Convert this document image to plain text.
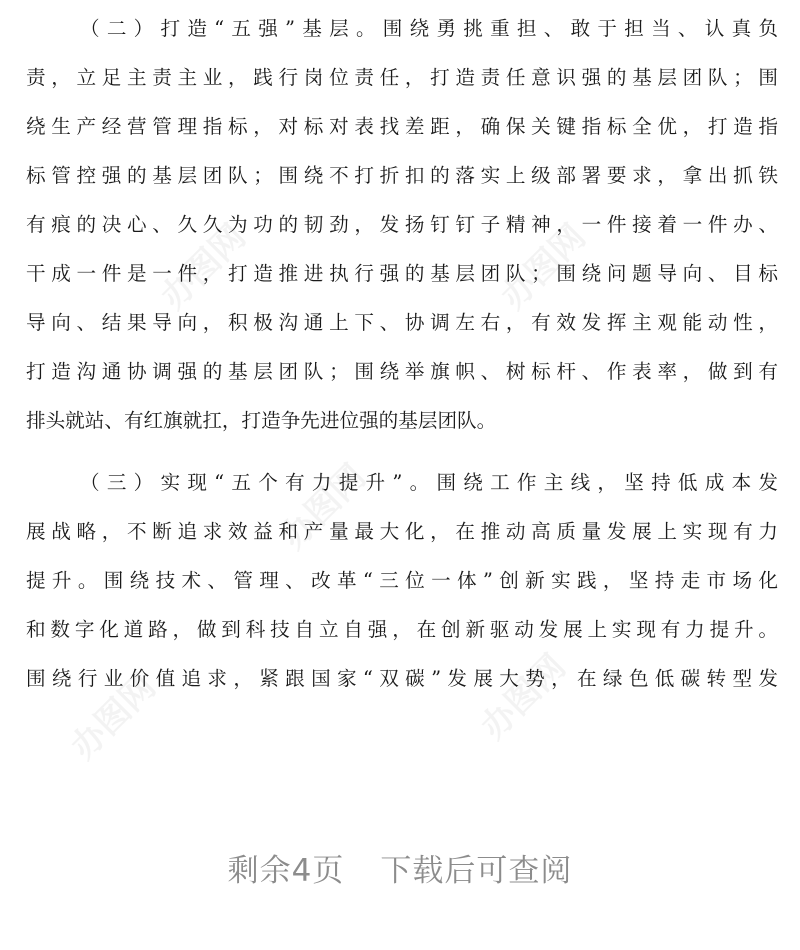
办图网	办图网
办图网
办图网	办图网
（二）打造“五强”基层。围绕勇挑重担、敢于担当、认真负
责，立足主责主业，践行岗位责任，打造责任意识强的基层团队；围
绕生产经营管理指标，对标对表找差距，确保关键指标全优，打造指
标管控强的基层团队；围绕不打折扣的落实上级部署要求，拿出抓铁
有痕的决心、久久为功的韧劲，发扬钉钉子精神，一件接着一件办、
干成一件是一件，打造推进执行强的基层团队；围绕问题导向、目标
导向、结果导向，积极沟通上下、协调左右，有效发挥主观能动性，
打造沟通协调强的基层团队；围绕举旗帜、树标杆、作表率，做到有
排头就站、有红旗就扛，打造争先进位强的基层团队。
（三）实现“五个有力提升”。围绕工作主线，坚持低成本发
展战略，不断追求效益和产量最大化，在推动高质量发展上实现有力
提升。围绕技术、管理、改革“三位一体”创新实践，坚持走市场化
和数字化道路，做到科技自立自强，在创新驱动发展上实现有力提升。
围绕行业价值追求，紧跟国家“双碳”发展大势，在绿色低碳转型发
剩余4页 下载后可查阅
